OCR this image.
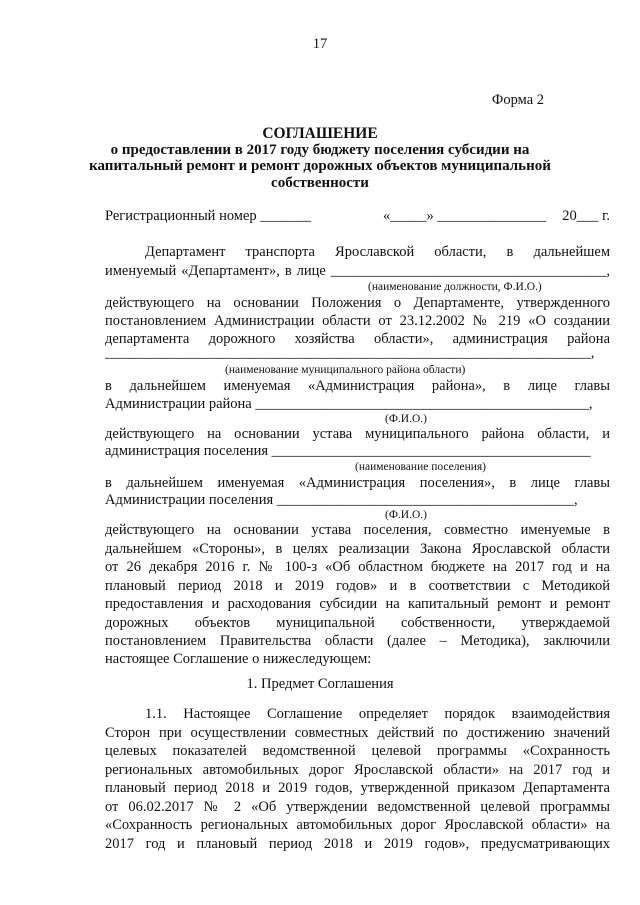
17
Форма 2
СОГЛАШЕНИЕ
о предоставлении в 2017 году бюджету поселения субсидии на
капитальный ремонт и ремонт дорожных объектов муниципальной
собственности
Регистрационный номер _______	«_____» _______________ 20___ г.
Департамент транспорта Ярославской области, в дальнейшем
именуемый «Департамент», в лице ______________________________________,
(наименование должности, Ф.И.О.)
действующего на основании Положения о Департаменте, утвержденного
постановлением Администрации области от 23.12.2002 № 219 «О создании
департамента дорожного хозяйства области», администрация района
___________________________________________________________________,
(наименование муниципального района области)
в дальнейшем именуемая «Администрация района», в лице главы
Администрации района ______________________________________________,
(Ф.И.О.)
действующего на основании устава муниципального района области, и
администрация поселения ____________________________________________
(наименование поселения)
в дальнейшем именуемая «Администрация поселения», в лице главы
Администрации поселения _________________________________________,
(Ф.И.О.)
действующего на основании устава поселения, совместно именуемые в
дальнейшем «Стороны», в целях реализации Закона Ярославской области
от 26 декабря 2016 г. № 100-з «Об областном бюджете на 2017 год и на
плановый период 2018 и 2019 годов» и в соответствии с Методикой
предоставления и расходования субсидии на капитальный ремонт и ремонт
дорожных объектов муниципальной собственности, утверждаемой
постановлением Правительства области (далее – Методика), заключили
настоящее Соглашение о нижеследующем:
1. Предмет Соглашения
1.1. Настоящее Соглашение определяет порядок взаимодействия
Сторон при осуществлении совместных действий по достижению значений
целевых показателей ведомственной целевой программы «Сохранность
региональных автомобильных дорог Ярославской области» на 2017 год и
плановый период 2018 и 2019 годов, утвержденной приказом Департамента
от 06.02.2017 № 2 «Об утверждении ведомственной целевой программы
«Сохранность региональных автомобильных дорог Ярославской области» на
2017 год и плановый период 2018 и 2019 годов», предусматривающих
